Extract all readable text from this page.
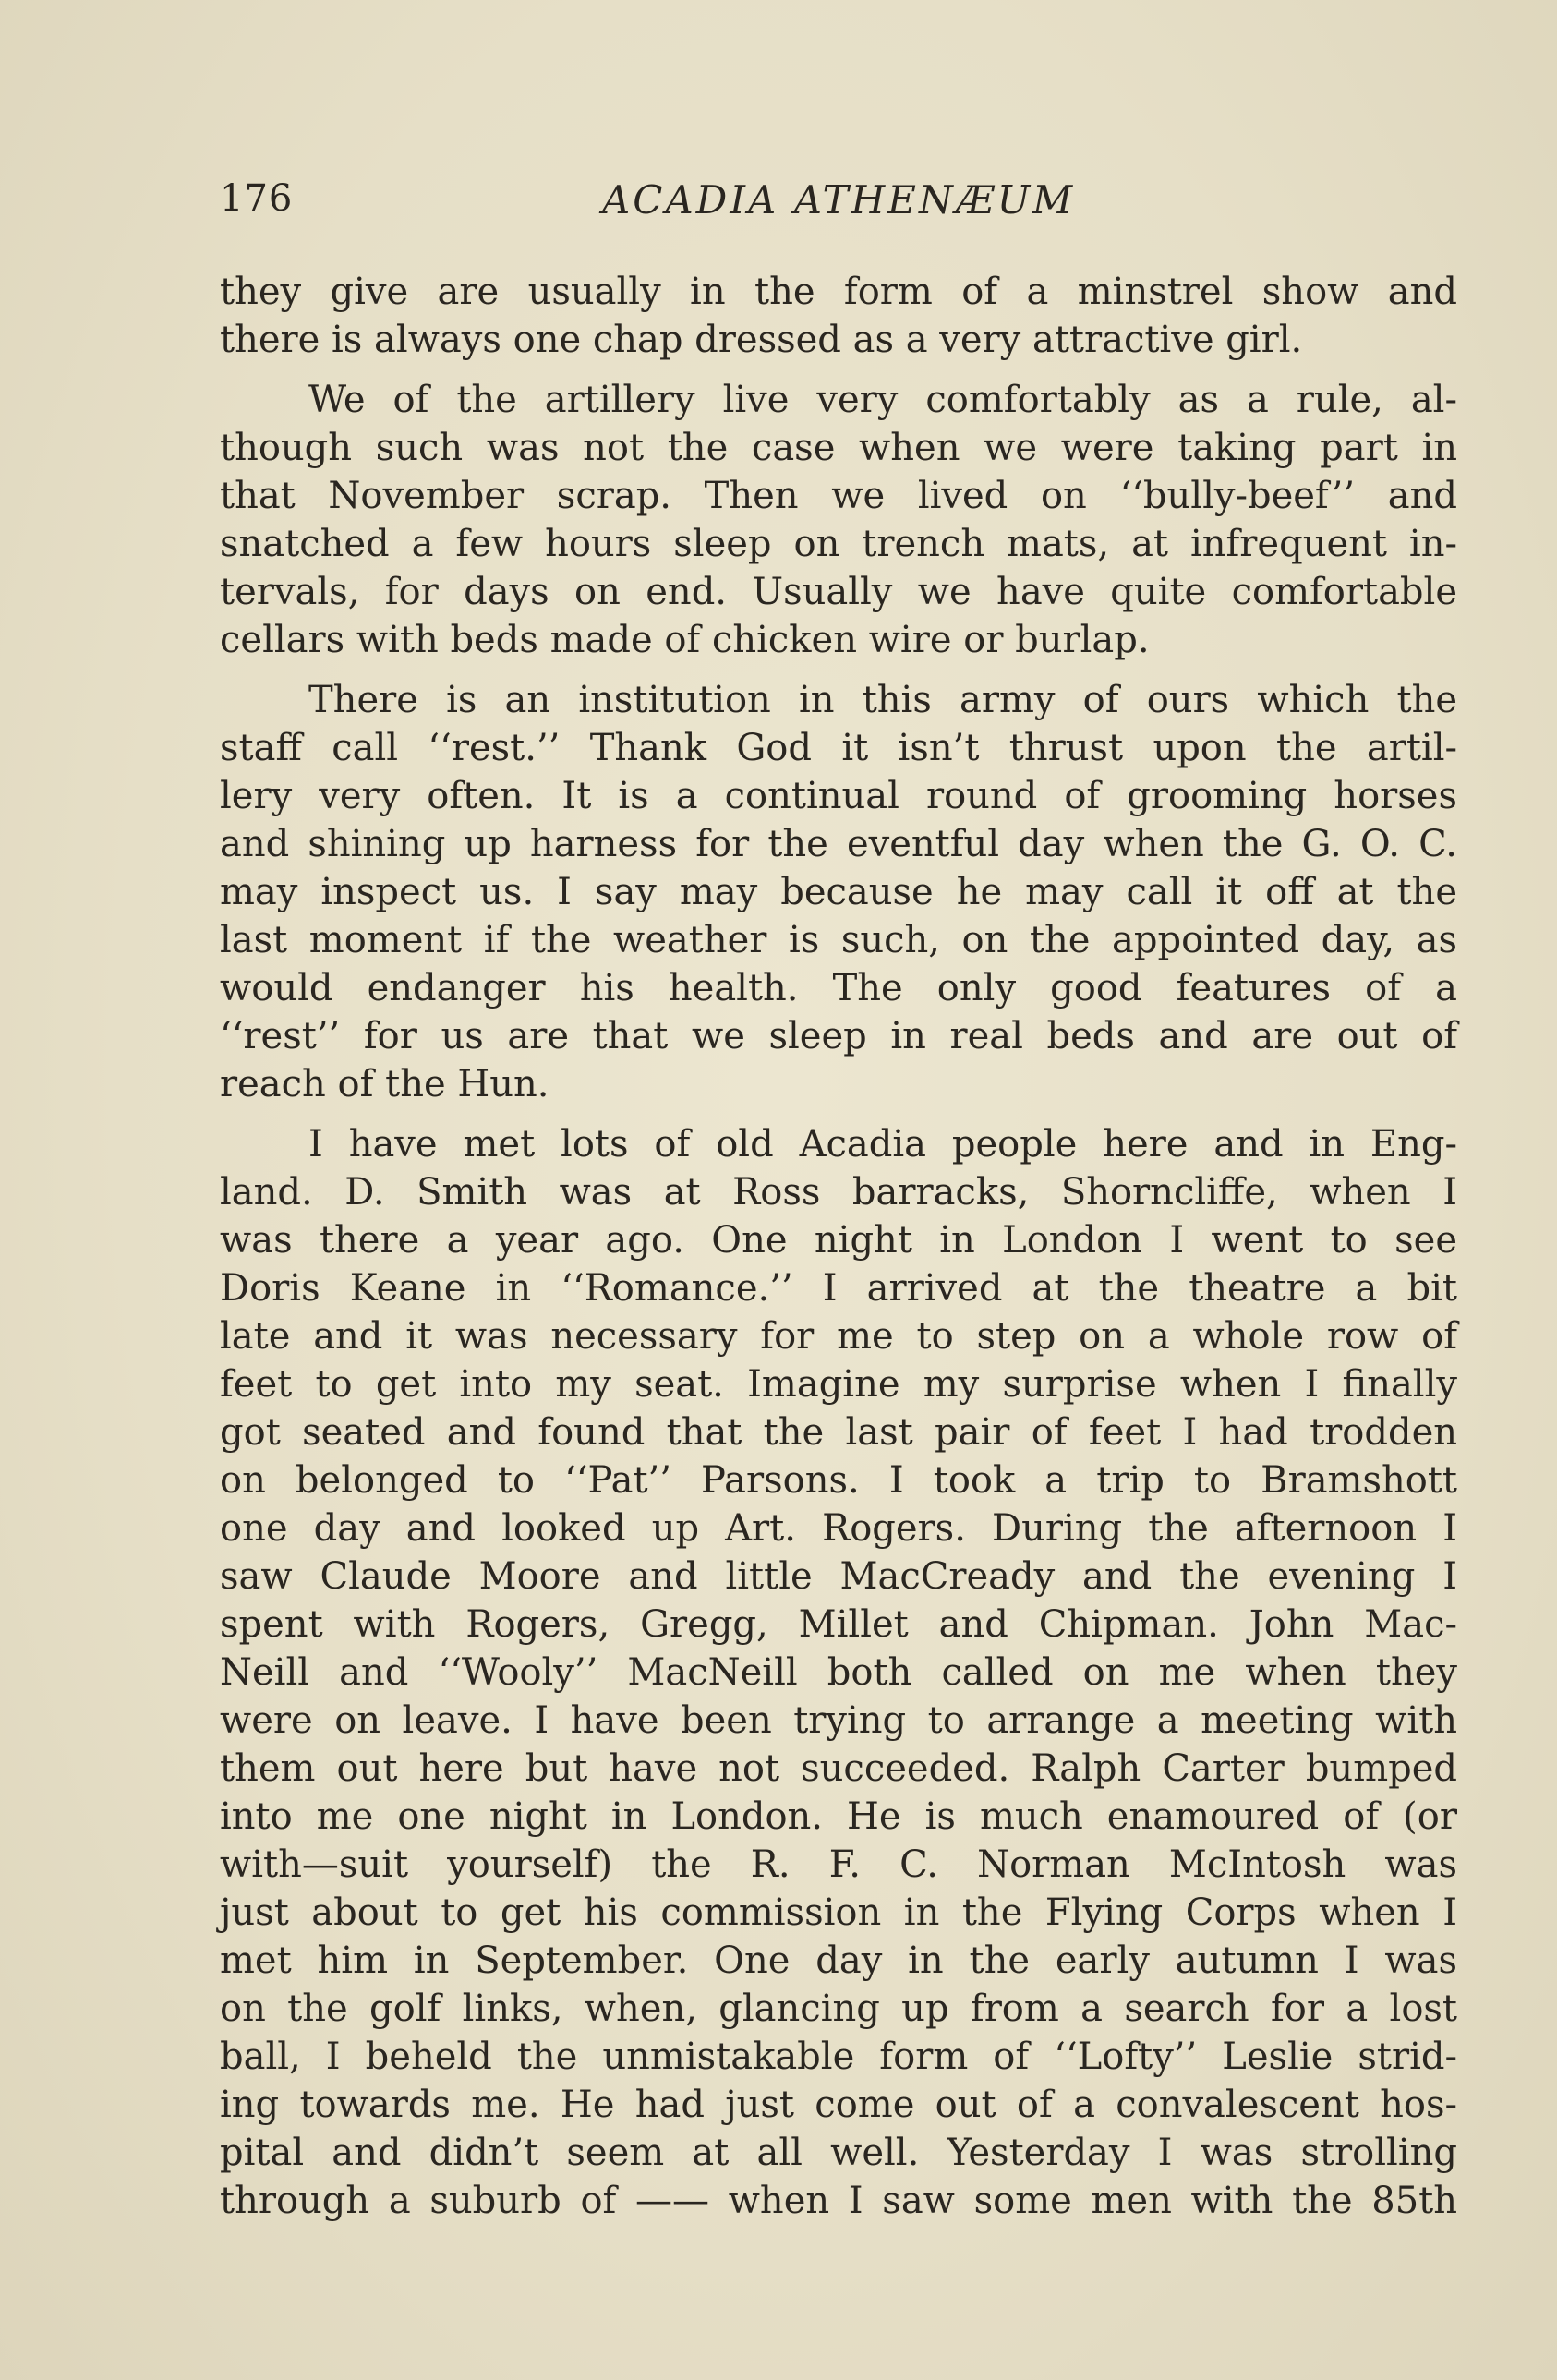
176	ACADIA ATHENÆUM
they give are usually in the form of a minstrel show and
there is always one chap dressed as a very attractive girl.
We of the artillery live very comfortably as a rule, al-
though such was not the case when we were taking part in
that November scrap. Then we lived on ‘‘bully-beef’’ and
snatched a few hours sleep on trench mats, at infrequent in-
tervals, for days on end. Usually we have quite comfortable
cellars with beds made of chicken wire or burlap.
There is an institution in this army of ours which the
staff call ‘‘rest.’’ Thank God it isn’t thrust upon the artil-
lery very often. It is a continual round of grooming horses
and shining up harness for the eventful day when the G. O. C.
may inspect us. I say may because he may call it off at the
last moment if the weather is such, on the appointed day, as
would endanger his health. The only good features of a
‘‘rest’’ for us are that we sleep in real beds and are out of
reach of the Hun.
I have met lots of old Acadia people here and in Eng-
land. D. Smith was at Ross barracks, Shorncliffe, when I
was there a year ago. One night in London I went to see
Doris Keane in ‘‘Romance.’’ I arrived at the theatre a bit
late and it was necessary for me to step on a whole row of
feet to get into my seat. Imagine my surprise when I finally
got seated and found that the last pair of feet I had trodden
on belonged to ‘‘Pat’’ Parsons. I took a trip to Bramshott
one day and looked up Art. Rogers. During the afternoon I
saw Claude Moore and little MacCready and the evening I
spent with Rogers, Gregg, Millet and Chipman. John Mac-
Neill and ‘‘Wooly’’ MacNeill both called on me when they
were on leave. I have been trying to arrange a meeting with
them out here but have not succeeded. Ralph Carter bumped
into me one night in London. He is much enamoured of (or
with—suit yourself) the R. F. C. Norman McIntosh was
just about to get his commission in the Flying Corps when I
met him in September. One day in the early autumn I was
on the golf links, when, glancing up from a search for a lost
ball, I beheld the unmistakable form of ‘‘Lofty’’ Leslie strid-
ing towards me. He had just come out of a convalescent hos-
pital and didn’t seem at all well. Yesterday I was strolling
through a suburb of —— when I saw some men with the 85th
